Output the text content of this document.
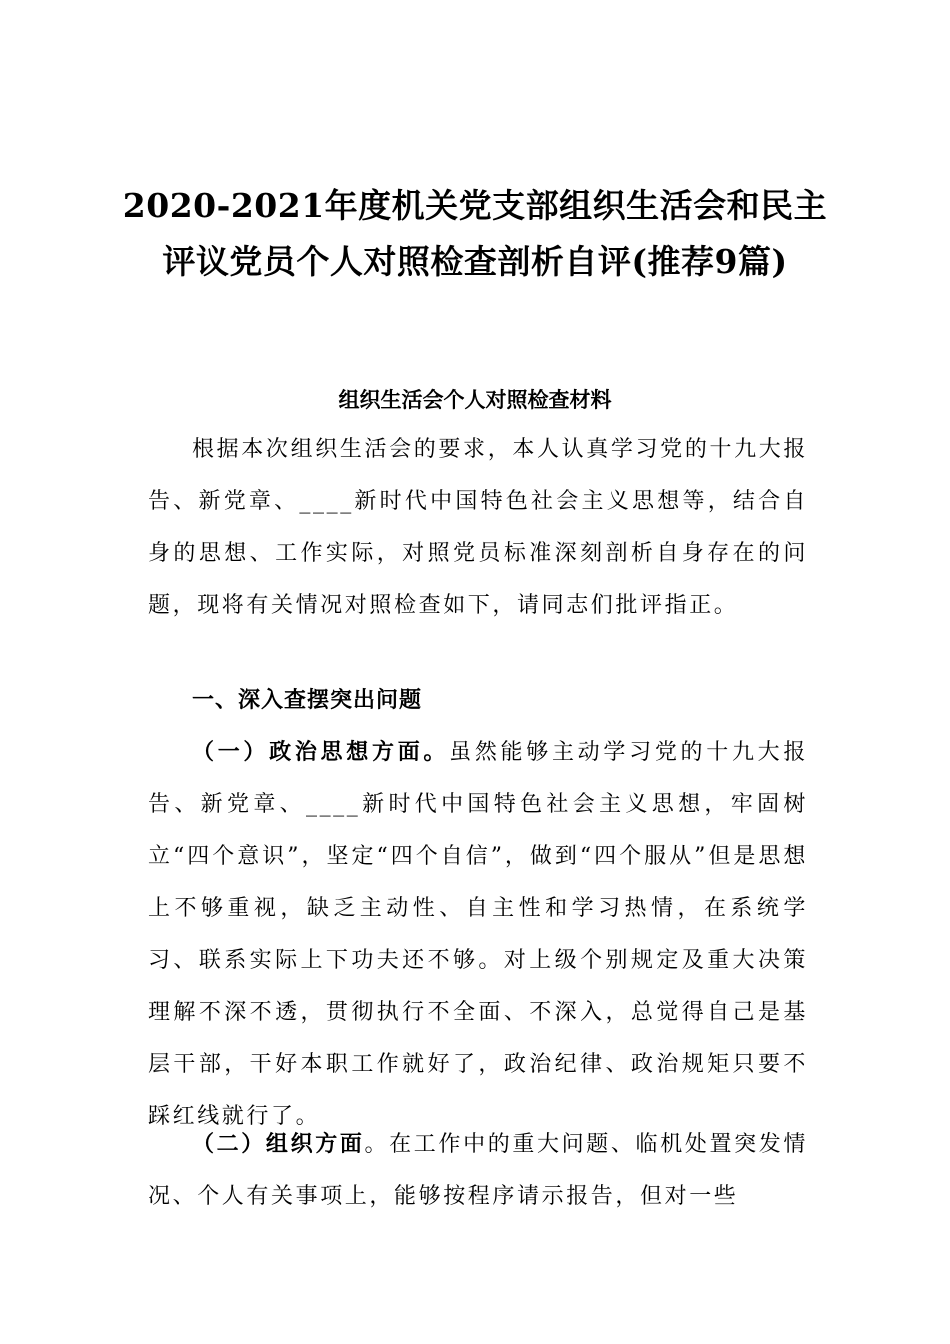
2020-2021年度机关党支部组织生活会和民主评议党员个人对照检查剖析自评(推荐9篇)
组织生活会个人对照检查材料

根据本次组织生活会的要求，本人认真学习党的十九大报告、新党章、____新时代中国特色社会主义思想等，结合自身的思想、工作实际，对照党员标准深刻剖析自身存在的问题，现将有关情况对照检查如下，请同志们批评指正。

一、深入查摆突出问题

（一）政治思想方面。虽然能够主动学习党的十九大报告、新党章、____新时代中国特色社会主义思想，牢固树立“四个意识”，坚定“四个自信”，做到“四个服从”但是思想上不够重视，缺乏主动性、自主性和学习热情，在系统学习、联系实际上下功夫还不够。对上级个别规定及重大决策理解不深不透，贯彻执行不全面、不深入，总觉得自己是基层干部，干好本职工作就好了，政治纪律、政治规矩只要不踩红线就行了。

（二）组织方面。在工作中的重大问题、临机处置突发情况、个人有关事项上，能够按程序请示报告，但对一些
